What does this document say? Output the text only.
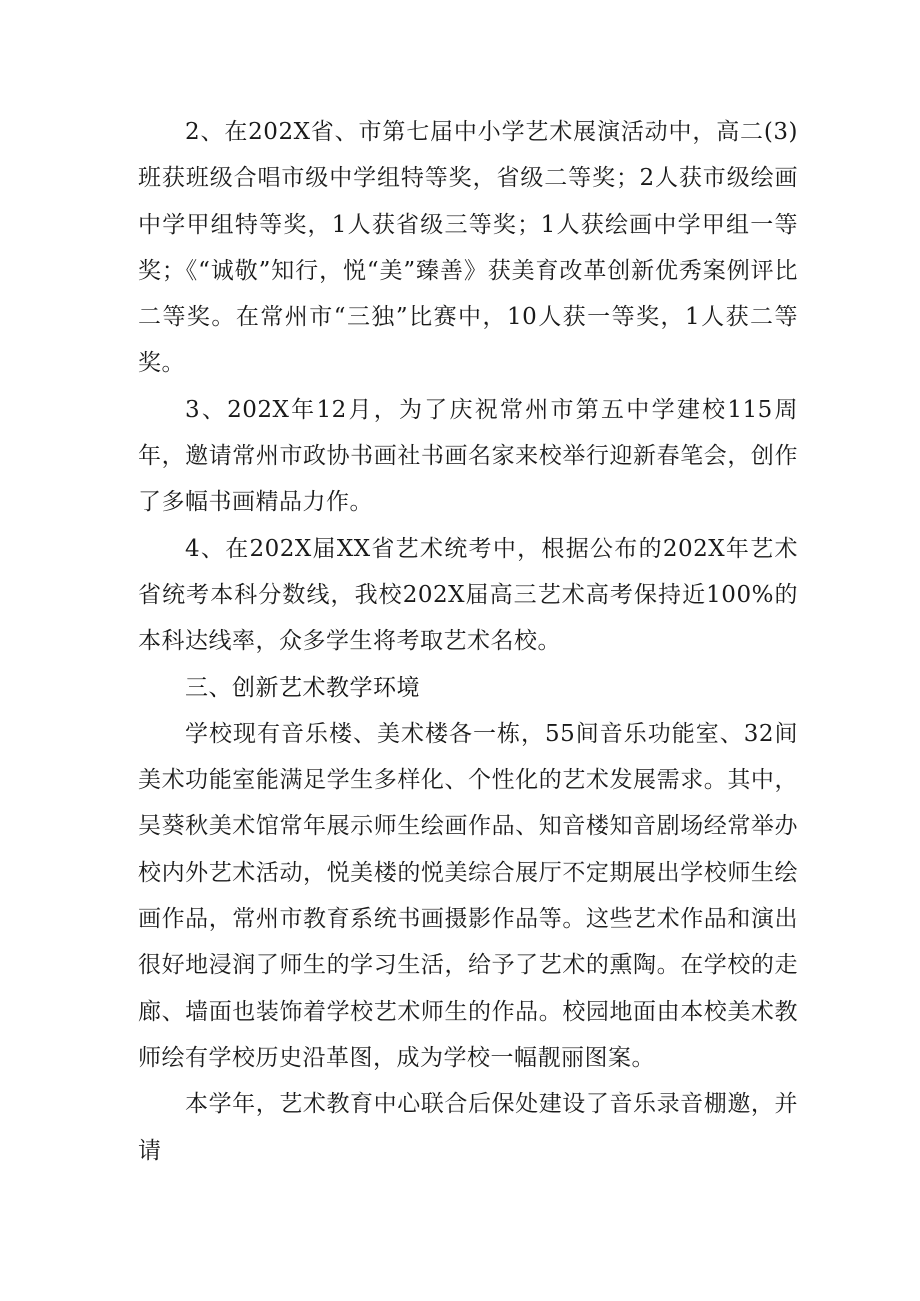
2、在202X省、市第七届中小学艺术展演活动中，高二(3)班获班级合唱市级中学组特等奖，省级二等奖；2人获市级绘画中学甲组特等奖，1人获省级三等奖；1人获绘画中学甲组一等奖；《“诚敬”知行，悦“美”臻善》获美育改革创新优秀案例评比二等奖。在常州市“三独”比赛中，10人获一等奖，1人获二等奖。

3、202X年12月，为了庆祝常州市第五中学建校115周年，邀请常州市政协书画社书画名家来校举行迎新春笔会，创作了多幅书画精品力作。

4、在202X届XX省艺术统考中，根据公布的202X年艺术省统考本科分数线，我校202X届高三艺术高考保持近100%的本科达线率，众多学生将考取艺术名校。

三、创新艺术教学环境

学校现有音乐楼、美术楼各一栋，55间音乐功能室、32间美术功能室能满足学生多样化、个性化的艺术发展需求。其中，吴葵秋美术馆常年展示师生绘画作品、知音楼知音剧场经常举办校内外艺术活动，悦美楼的悦美综合展厅不定期展出学校师生绘画作品，常州市教育系统书画摄影作品等。这些艺术作品和演出很好地浸润了师生的学习生活，给予了艺术的熏陶。在学校的走廊、墙面也装饰着学校艺术师生的作品。校园地面由本校美术教师绘有学校历史沿革图，成为学校一幅靓丽图案。

本学年，艺术教育中心联合后保处建设了音乐录音棚邀，并请
